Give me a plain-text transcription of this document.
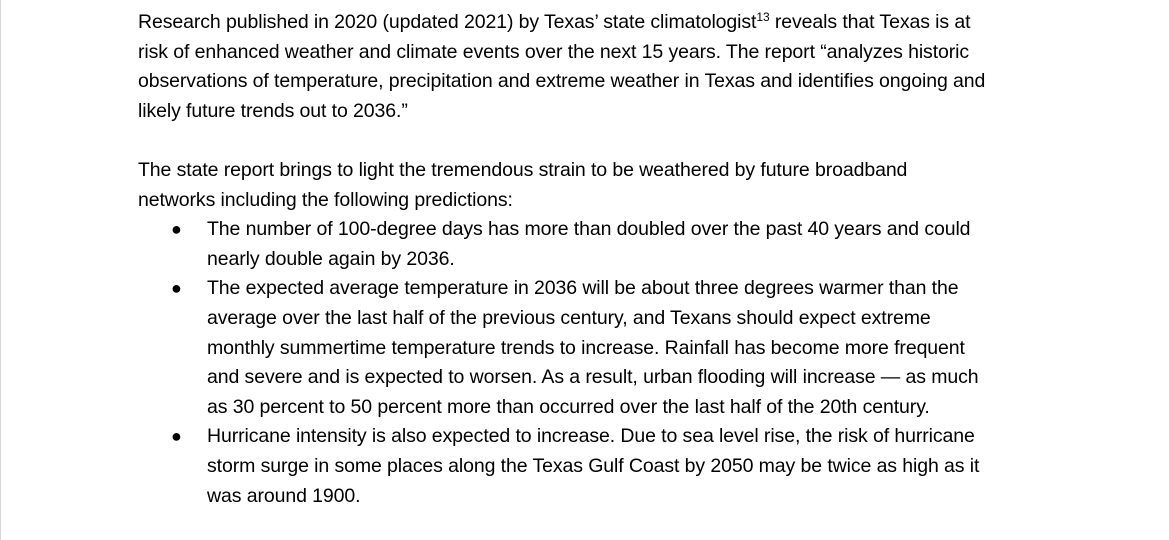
Research published in 2020 (updated 2021) by Texas’ state climatologist$^{13}$ reveals that Texas is at risk of enhanced weather and climate events over the next 15 years. The report “analyzes historic observations of temperature, precipitation and extreme weather in Texas and identifies ongoing and likely future trends out to 2036.”

The state report brings to light the tremendous strain to be weathered by future broadband networks including the following predictions:

● The number of 100-degree days has more than doubled over the past 40 years and could nearly double again by 2036.
● The expected average temperature in 2036 will be about three degrees warmer than the average over the last half of the previous century, and Texans should expect extreme monthly summertime temperature trends to increase. Rainfall has become more frequent and severe and is expected to worsen. As a result, urban flooding will increase — as much as 30 percent to 50 percent more than occurred over the last half of the 20th century.
● Hurricane intensity is also expected to increase. Due to sea level rise, the risk of hurricane storm surge in some places along the Texas Gulf Coast by 2050 may be twice as high as it was around 1900.
